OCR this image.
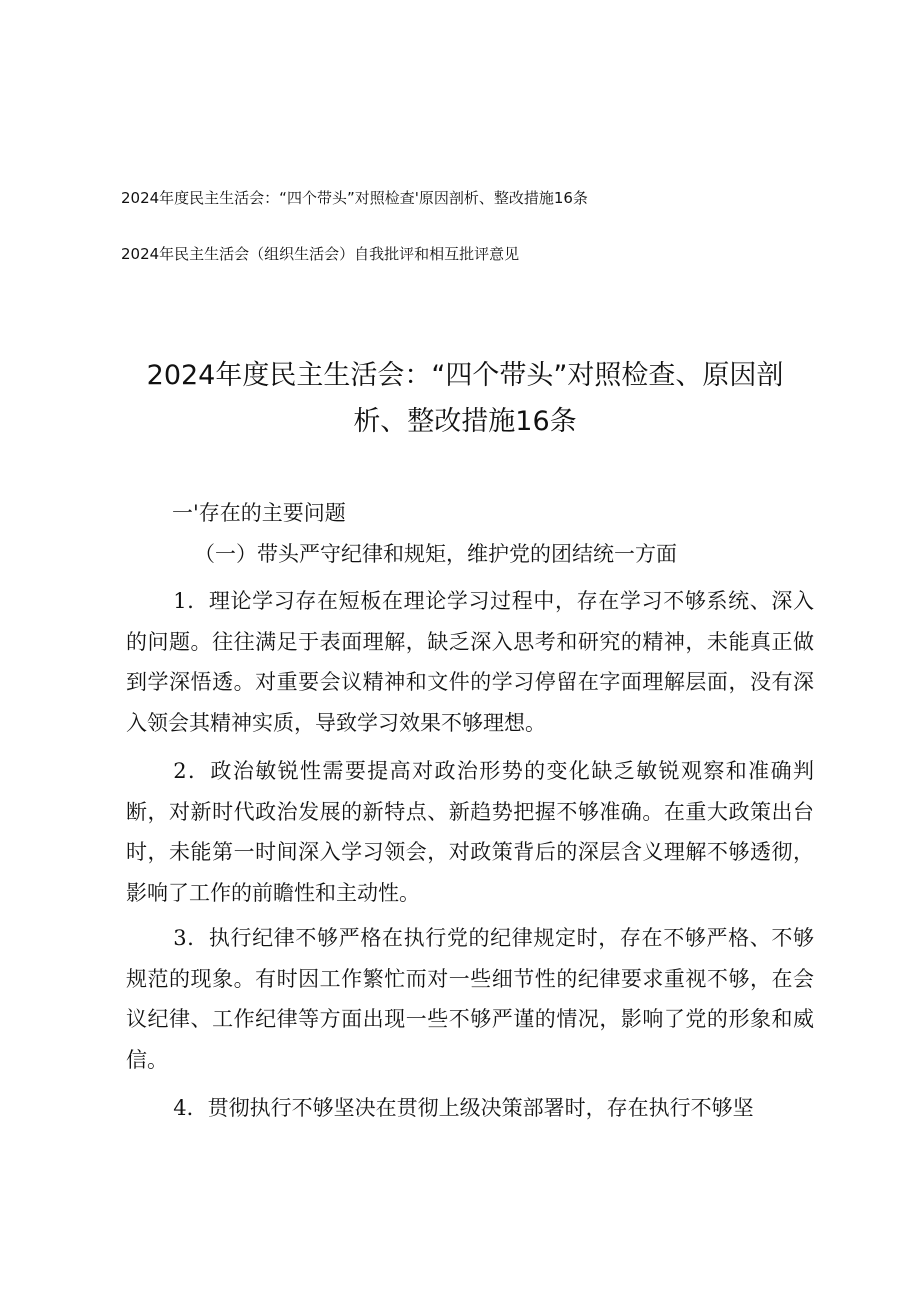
2024年度民主生活会：“四个带头”对照检查'原因剖析、整改措施16条
2024年民主生活会（组织生活会）自我批评和相互批评意见
2024年度民主生活会：“四个带头”对照检查、原因剖
析、整改措施16条
一'存在的主要问题
（一）带头严守纪律和规矩，维护党的团结统一方面

1．理论学习存在短板在理论学习过程中，存在学习不够系统、深入的问题。往往满足于表面理解，缺乏深入思考和研究的精神，未能真正做到学深悟透。对重要会议精神和文件的学习停留在字面理解层面，没有深入领会其精神实质，导致学习效果不够理想。

2．政治敏锐性需要提高对政治形势的变化缺乏敏锐观察和准确判断，对新时代政治发展的新特点、新趋势把握不够准确。在重大政策出台时，未能第一时间深入学习领会，对政策背后的深层含义理解不够透彻，影响了工作的前瞻性和主动性。

3．执行纪律不够严格在执行党的纪律规定时，存在不够严格、不够规范的现象。有时因工作繁忙而对一些细节性的纪律要求重视不够，在会议纪律、工作纪律等方面出现一些不够严谨的情况，影响了党的形象和威信。

4．贯彻执行不够坚决在贯彻上级决策部署时，存在执行不够坚
